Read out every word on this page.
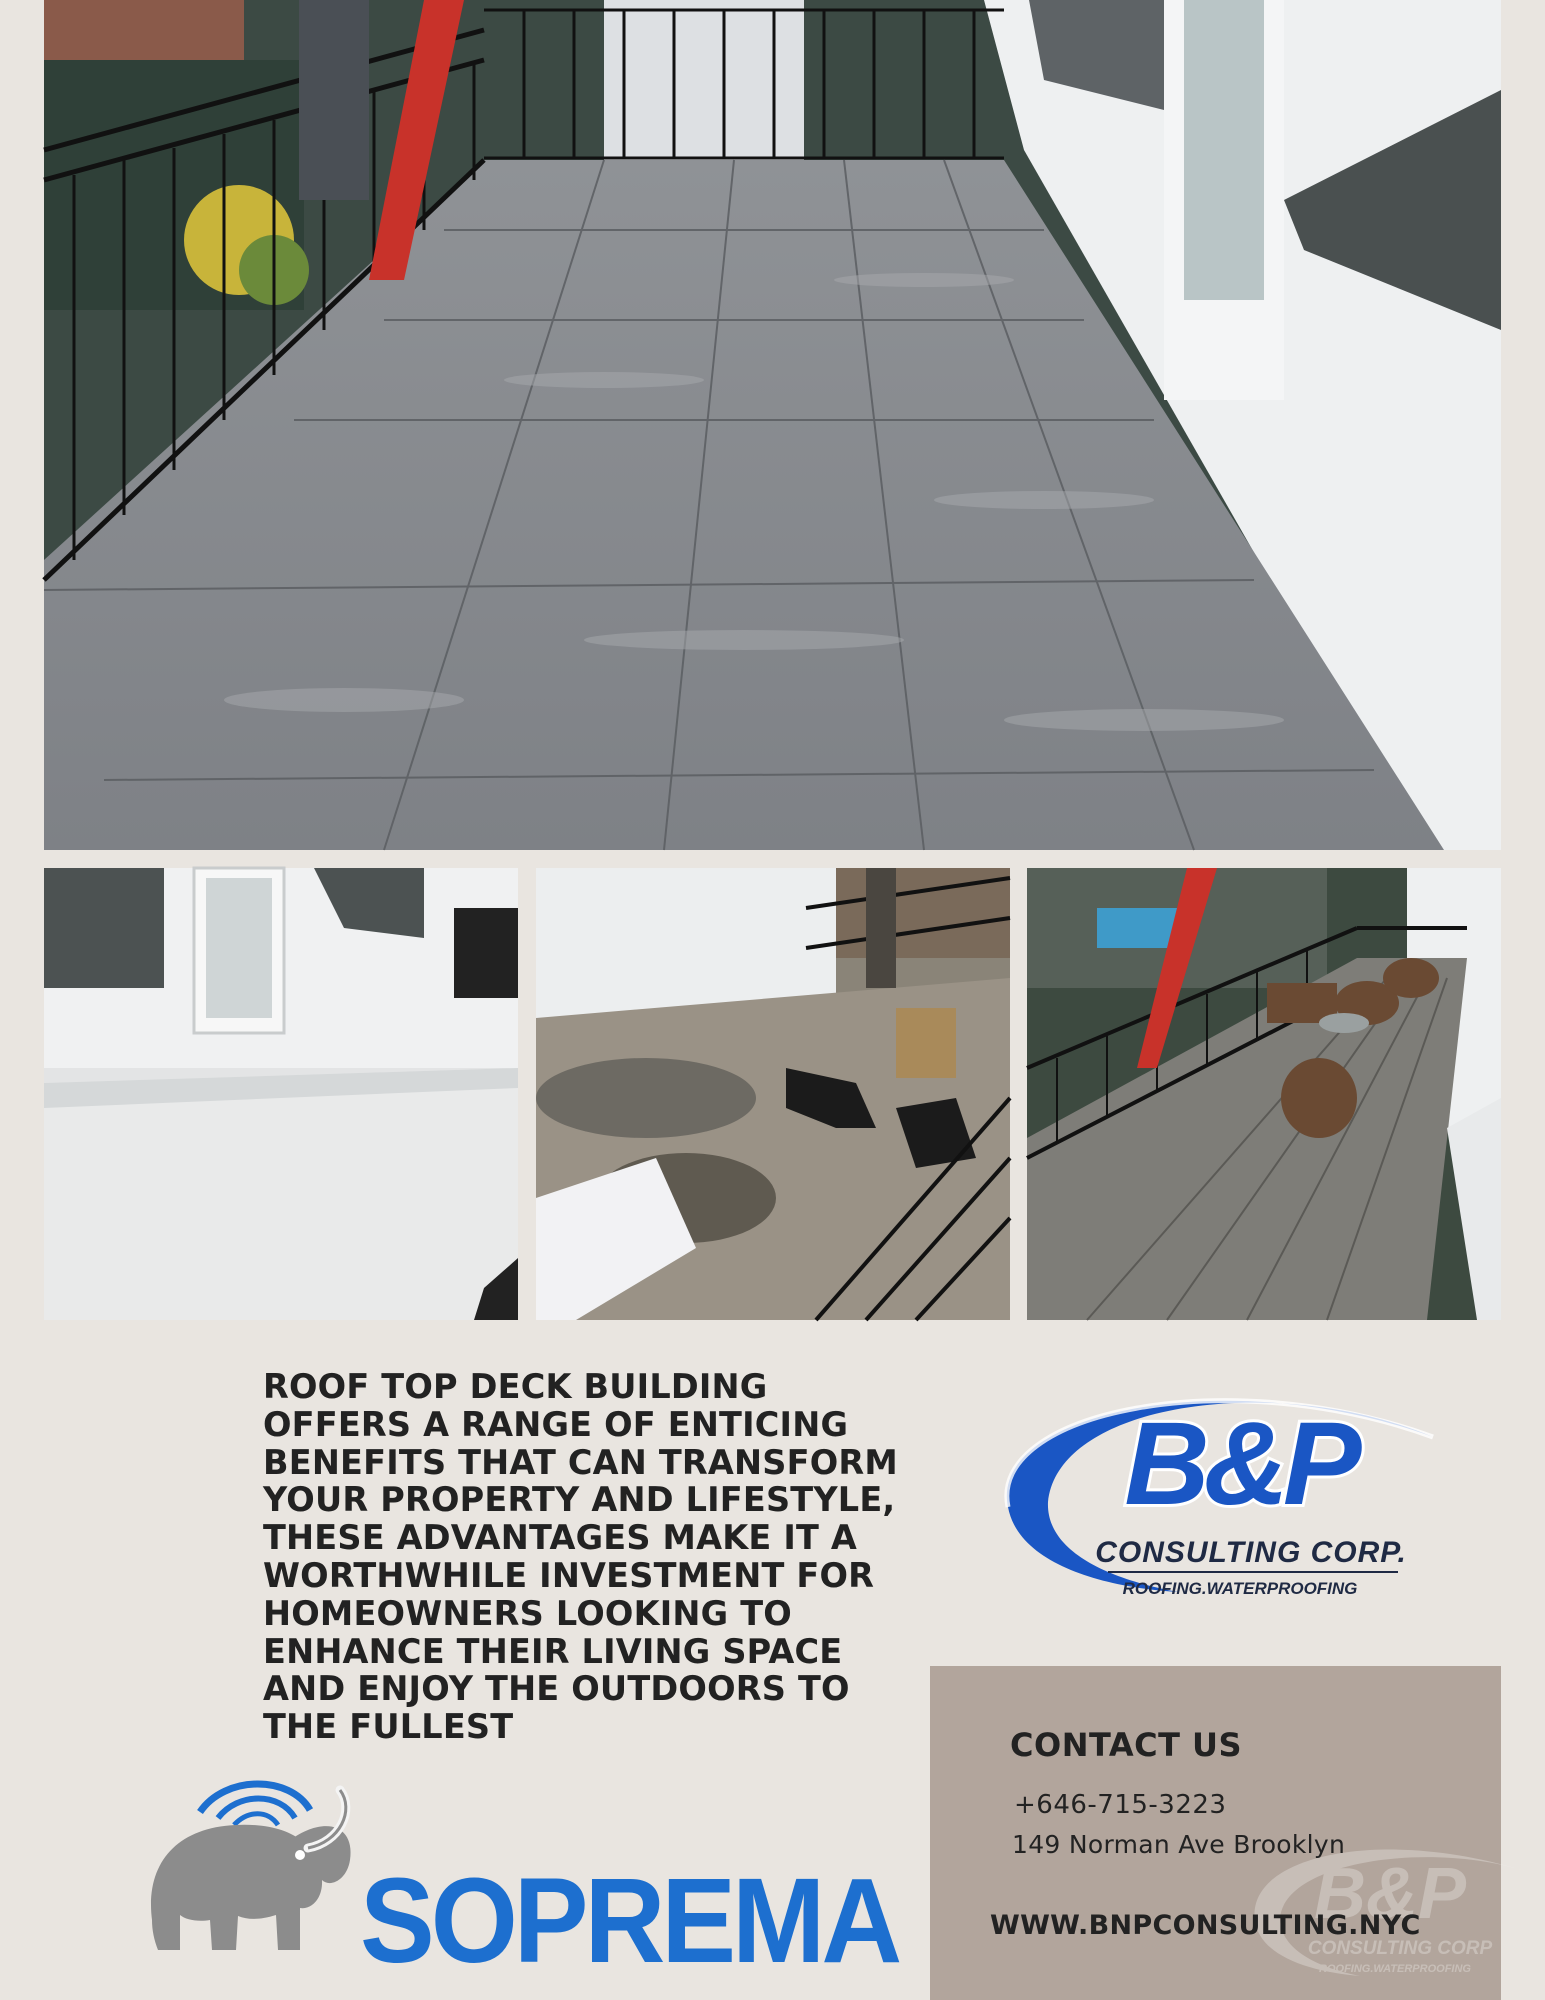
ROOF TOP DECK BUILDING OFFERS A RANGE OF ENTICING BENEFITS THAT CAN TRANSFORM YOUR PROPERTY AND LIFESTYLE, THESE ADVANTAGES MAKE IT A WORTHWHILE INVESTMENT FOR HOMEOWNERS LOOKING TO ENHANCE THEIR LIVING SPACE AND ENJOY THE OUTDOORS TO THE FULLEST

B&P
CONSULTING CORP.
ROOFING.WATERPROOFING
B&P
CONSULTING CORP
ROOFING.WATERPROOFING
CONTACT US
+646-715-3223
149 Norman Ave Brooklyn
WWW.BNPCONSULTING.NYC
SOPREMA
